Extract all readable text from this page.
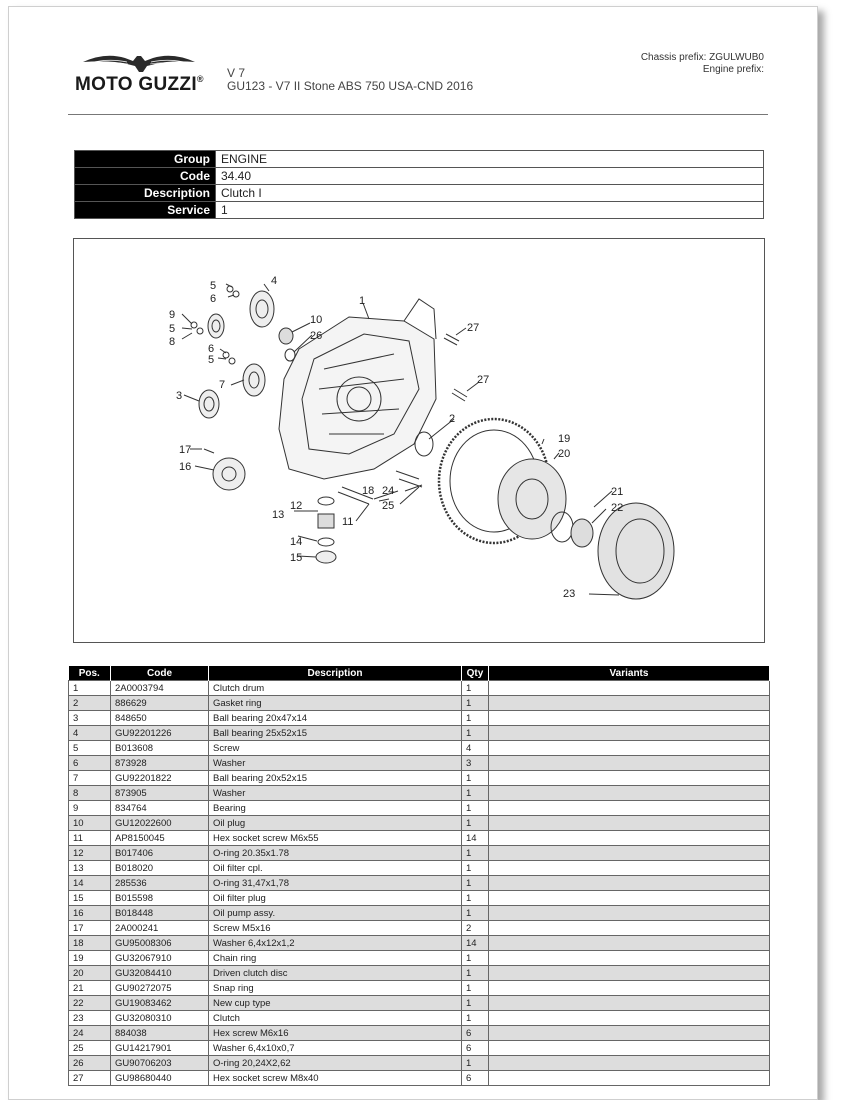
MOTO GUZZI® V 7
GU123 - V7 II Stone ABS 750 USA-CND 2016
Chassis prefix: ZGULWUB0
Engine prefix:
Group	ENGINE
Code	34.40
Description	Clutch I
Service	1
5
6
4
9
5
8
1
10
26
27
6
5
7	27
3
2
19
20
17
16
18 24
25
21
22
12
13
11
14
15
23
Pos.	Code	Description	Qty	Variants
1	2A0003794	Clutch drum	1	
2	886629	Gasket ring	1	
3	848650	Ball bearing 20x47x14	1	
4	GU92201226	Ball bearing 25x52x15	1	
5	B013608	Screw	4	
6	873928	Washer	3	
7	GU92201822	Ball bearing 20x52x15	1	
8	873905	Washer	1	
9	834764	Bearing	1	
10	GU12022600	Oil plug	1	
11	AP8150045	Hex socket screw M6x55	14	
12	B017406	O-ring 20.35x1.78	1	
13	B018020	Oil filter cpl.	1	
14	285536	O-ring 31,47x1,78	1	
15	B015598	Oil filter plug	1	
16	B018448	Oil pump assy.	1	
17	2A000241	Screw M5x16	2	
18	GU95008306	Washer 6,4x12x1,2	14	
19	GU32067910	Chain ring	1	
20	GU32084410	Driven clutch disc	1	
21	GU90272075	Snap ring	1	
22	GU19083462	New cup type	1	
23	GU32080310	Clutch	1	
24	884038	Hex screw M6x16	6	
25	GU14217901	Washer 6,4x10x0,7	6	
26	GU90706203	O-ring 20,24X2,62	1	
27	GU98680440	Hex socket screw M8x40	6	
